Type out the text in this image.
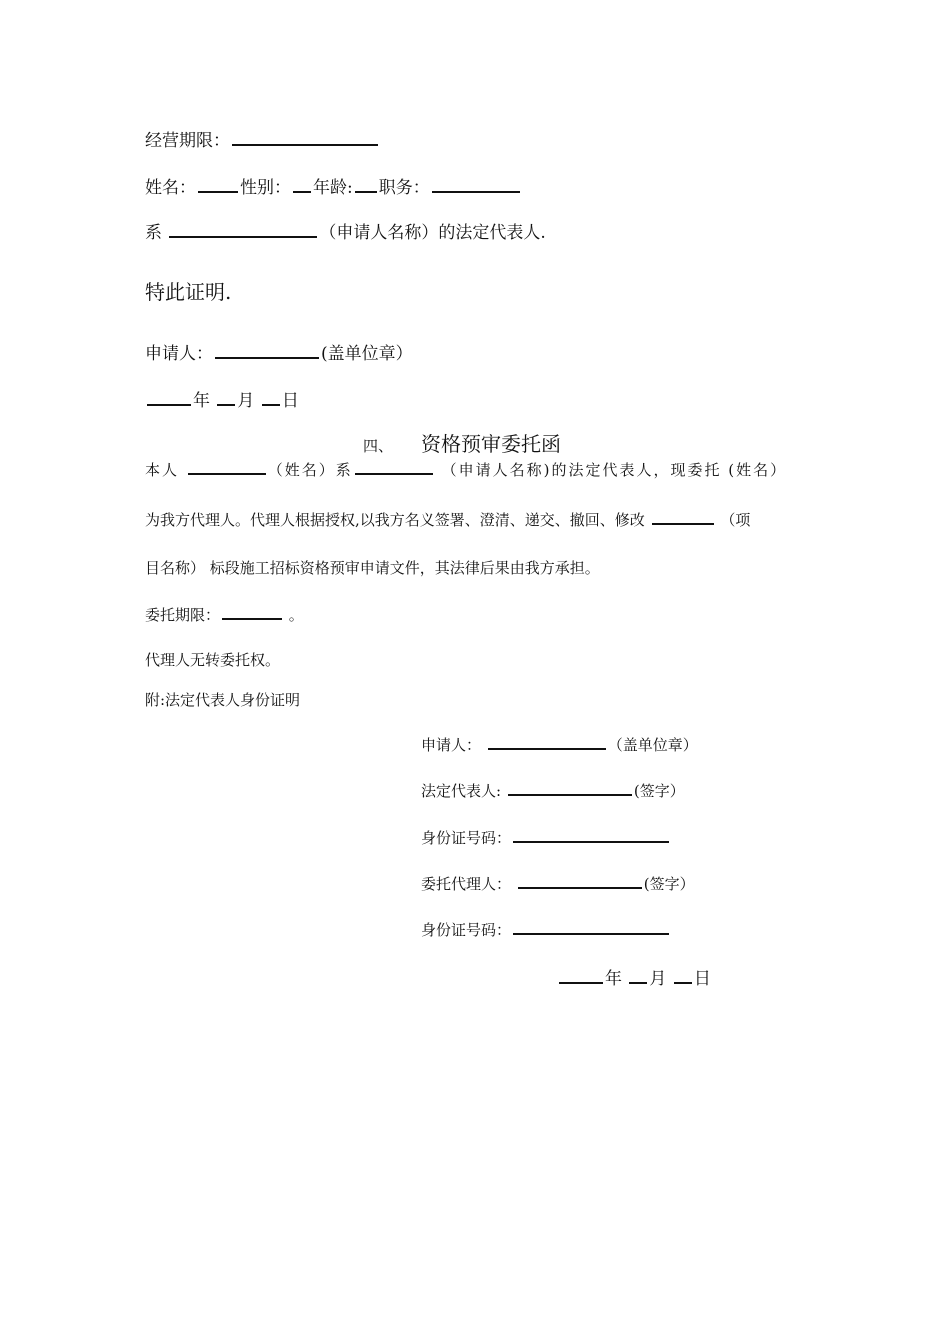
经营期限：
姓名：	性别： 年龄: 职务：
系	（申请人名称）的法定代表人.
特此证明.
申请人：	(盖单位章）
年 月 日
四、 资格预审委托函
本人	（姓名）系	（申请人名称)的法定代表人，现委托 (姓名）
为我方代理人。代理人根据授权,以我方名义签署、澄清、递交、撤回、修改	（项
目名称） 标段施工招标资格预审申请文件，其法律后果由我方承担。
委托期限：	。
代理人无转委托权。
附:法定代表人身份证明
申请人：	（盖单位章）
法定代表人:	(签字）
身份证号码：
委托代理人：	(签字）
身份证号码：
年 月 日
